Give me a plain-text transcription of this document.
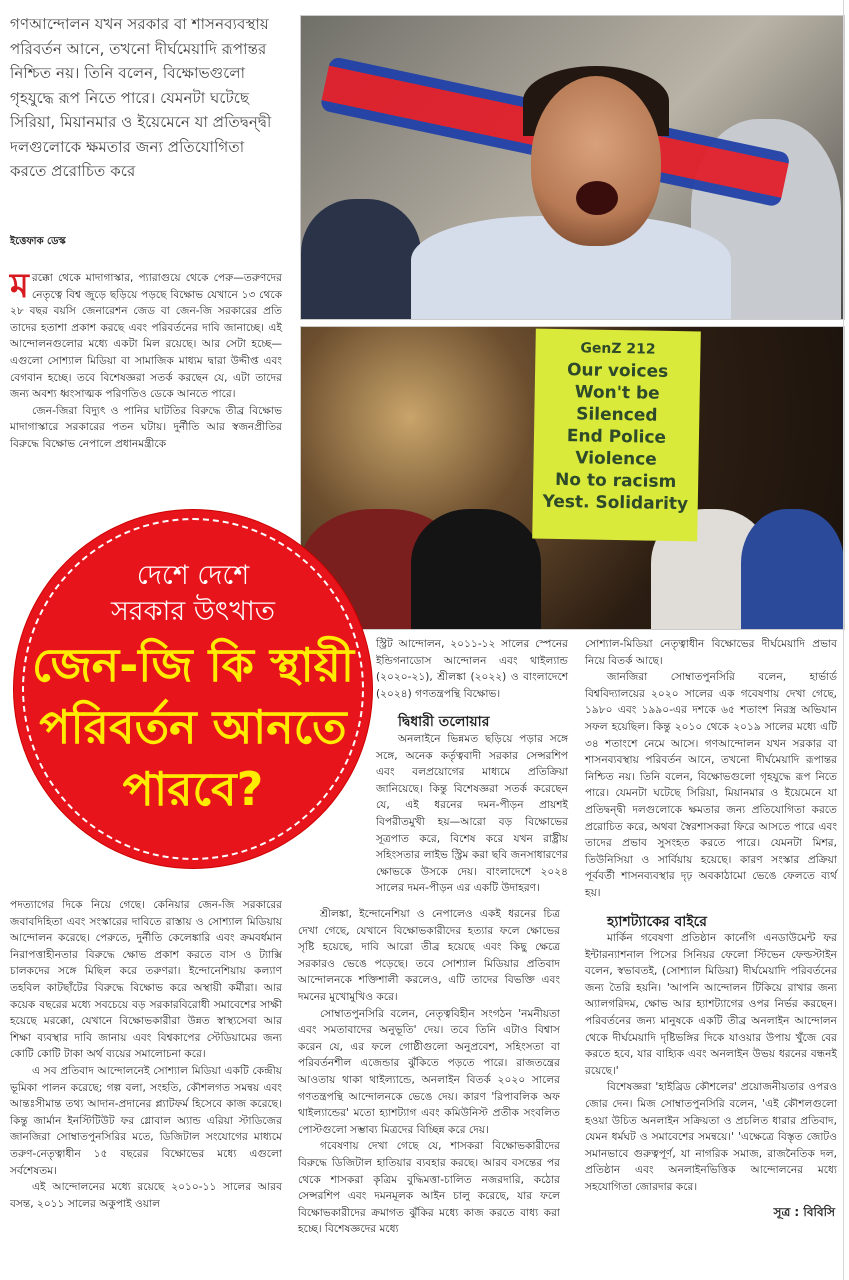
গণআন্দোলন যখন সরকার বা শাসনব্যবস্থায় পরিবর্তন আনে, তখনো দীর্ঘমেয়াদি রূপান্তর নিশ্চিত নয়। তিনি বলেন, বিক্ষোভগুলো গৃহযুদ্ধে রূপ নিতে পারে। যেমনটা ঘটেছে সিরিয়া, মিয়ানমার ও ইয়েমেনে যা প্রতিদ্বন্দ্বী দলগুলোকে ক্ষমতার জন্য প্রতিযোগিতা করতে প্ররোচিত করে
ইত্তেফাক ডেস্ক

মরক্কো থেকে মাদাগাস্কার, প্যারাগুয়ে থেকে পেরু—তরুণদের নেতৃত্বে বিশ্ব জুড়ে ছড়িয়ে পড়ছে বিক্ষোভ যেখানে ১৩ থেকে ২৮ বছর বয়সি জেনারেশন জেড বা জেন-জি সরকারের প্রতি তাদের হতাশা প্রকাশ করছে এবং পরিবর্তনের দাবি জানাচ্ছে। এই আন্দোলনগুলোর মধ্যে একটা মিল রয়েছে। আর সেটা হচ্ছে—এগুলো সোশ্যাল মিডিয়া বা সামাজিক মাধ্যম দ্বারা উদ্দীপ্ত এবং বেগবান হচ্ছে। তবে বিশেষজ্ঞরা সতর্ক করছেন যে, এটা তাদের জন্য অবশ্য ধ্বংসাত্মক পরিণতিও ডেকে আনতে পারে।

জেন-জিরা বিদ্যুৎ ও পানির ঘাটতির বিরুদ্ধে তীব্র বিক্ষোভ মাদাগাস্কারে সরকারের পতন ঘটায়। দুর্নীতি আর স্বজনপ্রীতির বিরুদ্ধে বিক্ষোভ নেপালে প্রধানমন্ত্রীকে

GenZ 212
Our voices
Won't be
Silenced
End Police
Violence
No to racism
Yest. Solidarity
দেশে দেশে
সরকার উৎখাত
জেন-জি কি স্থায়ী
পরিবর্তন আনতে
পারবে?

পদত্যাগের দিকে নিয়ে গেছে। কেনিয়ার জেন-জি সরকারের জবাবদিহিতা এবং সংস্কারের দাবিতে রাস্তায় ও সোশ্যাল মিডিয়ায় আন্দোলন করেছে। পেরুতে, দুর্নীতি কেলেঙ্কারি এবং ক্রমবর্ধমান নিরাপত্তাহীনতার বিরুদ্ধে ক্ষোভ প্রকাশ করতে বাস ও ট্যাক্সি চালকদের সঙ্গে মিছিল করে তরুণরা। ইন্দোনেশিয়ায় কল্যাণ তহবিল কাটছাঁটের বিরুদ্ধে বিক্ষোভ করে অস্থায়ী কর্মীরা। আর কয়েক বছরের মধ্যে সবচেয়ে বড় সরকারবিরোধী সমাবেশের সাক্ষী হয়েছে মরক্কো, যেখানে বিক্ষোভকারীরা উন্নত স্বাস্থ্যসেবা আর শিক্ষা ব্যবস্থার দাবি জানায় এবং বিশ্বকাপের স্টেডিয়ামের জন্য কোটি কোটি টাকা অর্থ ব্যয়ের সমালোচনা করে।

এ সব প্রতিবাদ আন্দোলনেই সোশ্যাল মিডিয়া একটি কেন্দ্রীয় ভূমিকা পালন করেছে; গল্প বলা, সংহতি, কৌশলগত সমন্বয় এবং আন্তঃসীমান্ত তথ্য আদান-প্রদানের প্ল্যাটফর্ম হিসেবে কাজ করেছে। কিন্তু জার্মান ইনস্টিটিউট ফর গ্লোবাল অ্যান্ড এরিয়া স্টাডিজের জানজিরা সোম্বাতপুনসিরির মতে, ডিজিটাল সংযোগের মাধ্যমে তরুণ-নেতৃত্বাধীন ১৫ বছরের বিক্ষোভের মধ্যে এগুলো সর্বশেষতম।

এই আন্দোলনের মধ্যে রয়েছে ২০১০-১১ সালের আরব বসন্ত, ২০১১ সালের অকুপাই ওয়াল

স্ট্রিট আন্দোলন, ২০১১-১২ সালের স্পেনের ইন্ডিগনাডোস আন্দোলন এবং থাইল্যান্ড (২০২০-২১), শ্রীলঙ্কা (২০২২) ও বাংলাদেশে (২০২৪) গণতন্ত্রপন্থি বিক্ষোভ।

দ্বিধারী তলোয়ার

অনলাইনে ভিন্নমত ছড়িয়ে পড়ার সঙ্গে সঙ্গে, অনেক কর্তৃত্ববাদী সরকার সেন্সরশিপ এবং বলপ্রয়োগের মাধ্যমে প্রতিক্রিয়া জানিয়েছে। কিন্তু বিশেষজ্ঞরা সতর্ক করেছেন যে, এই ধরনের দমন-পীড়ন প্রায়শই বিপরীতমুখী হয়—আরো বড় বিক্ষোভের সূত্রপাত করে, বিশেষ করে যখন রাষ্ট্রীয় সহিংসতার লাইভ স্ট্রিম করা ছবি জনসাধারণের ক্ষোভকে উসকে দেয়। বাংলাদেশে ২০২৪ সালের দমন-পীড়ন এর একটি উদাহরণ।

শ্রীলঙ্কা, ইন্দোনেশিয়া ও নেপালেও একই ধরনের চিত্র দেখা গেছে, যেখানে বিক্ষোভকারীদের হত্যার ফলে ক্ষোভের সৃষ্টি হয়েছে, দাবি আরো তীব্র হয়েছে এবং কিছু ক্ষেত্রে সরকারও ভেঙে পড়েছে। তবে সোশ্যাল মিডিয়ার প্রতিবাদ আন্দোলনকে শক্তিশালী করলেও, এটি তাদের বিভক্তি এবং দমনের মুখোমুখিও করে।

সোম্বাতপুনসিরি বলেন, নেতৃত্ববিহীন সংগঠন 'নমনীয়তা এবং সমতাবাদের অনুভূতি' দেয়। তবে তিনি এটাও বিশ্বাস করেন যে, এর ফলে গোষ্ঠীগুলো অনুপ্রবেশ, সহিংসতা বা পরিবর্তনশীল এজেন্ডার ঝুঁকিতে পড়তে পারে। রাজতন্ত্রের আওতায় থাকা থাইল্যান্ডে, অনলাইন বিতর্ক ২০২০ সালের গণতন্ত্রপন্থি আন্দোলনকে ভেঙে দেয়। কারণ 'রিপাবলিক অফ থাইল্যান্ডের' মতো হ্যাশট্যাগ এবং কমিউনিস্ট প্রতীক সংবলিত পোস্টগুলো সম্ভাব্য মিত্রদের বিচ্ছিন্ন করে দেয়।

গবেষণায় দেখা গেছে যে, শাসকরা বিক্ষোভকারীদের বিরুদ্ধে ডিজিটাল হাতিয়ার ব্যবহার করছে। আরব বসন্তের পর থেকে শাসকরা কৃত্রিম বুদ্ধিমত্তা-চালিত নজরদারি, কঠোর সেন্সরশিপ এবং দমনমূলক আইন চালু করেছে, যার ফলে বিক্ষোভকারীদের ক্রমাগত ঝুঁকির মধ্যে কাজ করতে বাধ্য করা হচ্ছে। বিশেষজ্ঞদের মধ্যে

সোশ্যাল-মিডিয়া নেতৃত্বাধীন বিক্ষোভের দীর্ঘমেয়াদি প্রভাব নিয়ে বিতর্ক আছে।

জানজিরা সোম্বাতপুনসিরি বলেন, হার্ভার্ড বিশ্ববিদ্যালয়ের ২০২০ সালের এক গবেষণায় দেখা গেছে, ১৯৮০ এবং ১৯৯০-এর দশকে ৬৫ শতাংশ নিরস্ত্র অভিযান সফল হয়েছিল। কিন্তু ২০১০ থেকে ২০১৯ সালের মধ্যে এটি ৩৪ শতাংশে নেমে আসে। গণআন্দোলন যখন সরকার বা শাসনব্যবস্থায় পরিবর্তন আনে, তখনো দীর্ঘমেয়াদি রূপান্তর নিশ্চিত নয়। তিনি বলেন, বিক্ষোভগুলো গৃহযুদ্ধে রূপ নিতে পারে। যেমনটা ঘটেছে সিরিয়া, মিয়ানমার ও ইয়েমেনে যা প্রতিদ্বন্দ্বী দলগুলোকে ক্ষমতার জন্য প্রতিযোগিতা করতে প্ররোচিত করে, অথবা স্বৈরশাসকরা ফিরে আসতে পারে এবং তাদের প্রভাব সুসংহত করতে পারে। যেমনটা মিশর, তিউনিসিয়া ও সার্বিয়ায় হয়েছে। কারণ সংস্কার প্রক্রিয়া পূর্ববর্তী শাসনব্যবস্থার দৃঢ় অবকাঠামো ভেঙে ফেলতে ব্যর্থ হয়।

হ্যাশট্যাকের বাইরে

মার্কিন গবেষণা প্রতিষ্ঠান কার্নেগি এনডাউমেন্ট ফর ইন্টারন্যাশনাল পিসের সিনিয়র ফেলো স্টিভেন ফেল্ডস্টাইন বলেন, স্বভাবতই, (সোশ্যাল মিডিয়া) দীর্ঘমেয়াদি পরিবর্তনের জন্য তৈরি হয়নি। 'আপনি আন্দোলন টিকিয়ে রাখার জন্য অ্যালগরিদম, ক্ষোভ আর হ্যাশট্যাগের ওপর নির্ভর করছেন। পরিবর্তনের জন্য মানুষকে একটি তীব্র অনলাইন আন্দোলন থেকে দীর্ঘমেয়াদি দৃষ্টিভঙ্গির দিকে যাওয়ার উপায় খুঁজে বের করতে হবে, যার বাহ্যিক এবং অনলাইন উভয় ধরনের বন্ধনই রয়েছে।'

বিশেষজ্ঞরা 'হাইব্রিড কৌশলের' প্রয়োজনীয়তার ওপরও জোর দেন। মিজ সোম্বাতপুনসিরি বলেন, 'এই কৌশলগুলো হওয়া উচিত অনলাইন সক্রিয়তা ও প্রচলিত ধারার প্রতিবাদ, যেমন ধর্মঘট ও সমাবেশের সমন্বয়ে।' 'এক্ষেত্রে বিস্তৃত জোটও সমানভাবে গুরুত্বপূর্ণ, যা নাগরিক সমাজ, রাজনৈতিক দল, প্রতিষ্ঠান এবং অনলাইনভিত্তিক আন্দোলনের মধ্যে সহযোগিতা জোরদার করে।

সূত্র : বিবিসি
